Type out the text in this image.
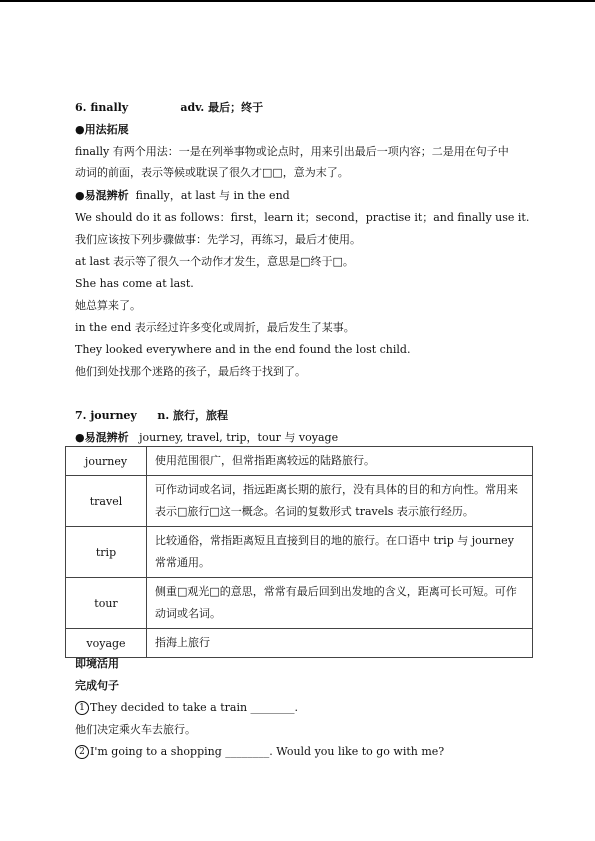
6. finally	adv. 最后；终于
●用法拓展
finally 有两个用法：一是在列举事物或论点时，用来引出最后一项内容；二是用在句子中
动词的前面，表示等候或耽误了很久才□□，意为末了。
●易混辨析 finally，at last 与 in the end
We should do it as follows：first，learn it；second，practise it；and finally use it.
我们应该按下列步骤做事：先学习，再练习，最后才使用。
at last 表示等了很久一个动作才发生，意思是□终于□。
She has come at last.
她总算来了。
in the end 表示经过许多变化或周折，最后发生了某事。
They looked everywhere and in the end found the lost child.
他们到处找那个迷路的孩子，最后终于找到了。
7. journey n. 旅行，旅程
●易混辨析 journey, travel, trip，tour 与 voyage
journey	使用范围很广，但常指距离较远的陆路旅行。
travel	可作动词或名词，指远距离长期的旅行，没有具体的目的和方向性。常用来表示□旅行□这一概念。名词的复数形式 travels 表示旅行经历。
trip	比较通俗，常指距离短且直接到目的地的旅行。在口语中 trip 与 journey 常常通用。
tour	侧重□观光□的意思，常常有最后回到出发地的含义，距离可长可短。可作动词或名词。
voyage	指海上旅行
即境活用
完成句子
1 They decided to take a train ________.
他们决定乘火车去旅行。
2 I'm going to a shopping ________. Would you like to go with me?
